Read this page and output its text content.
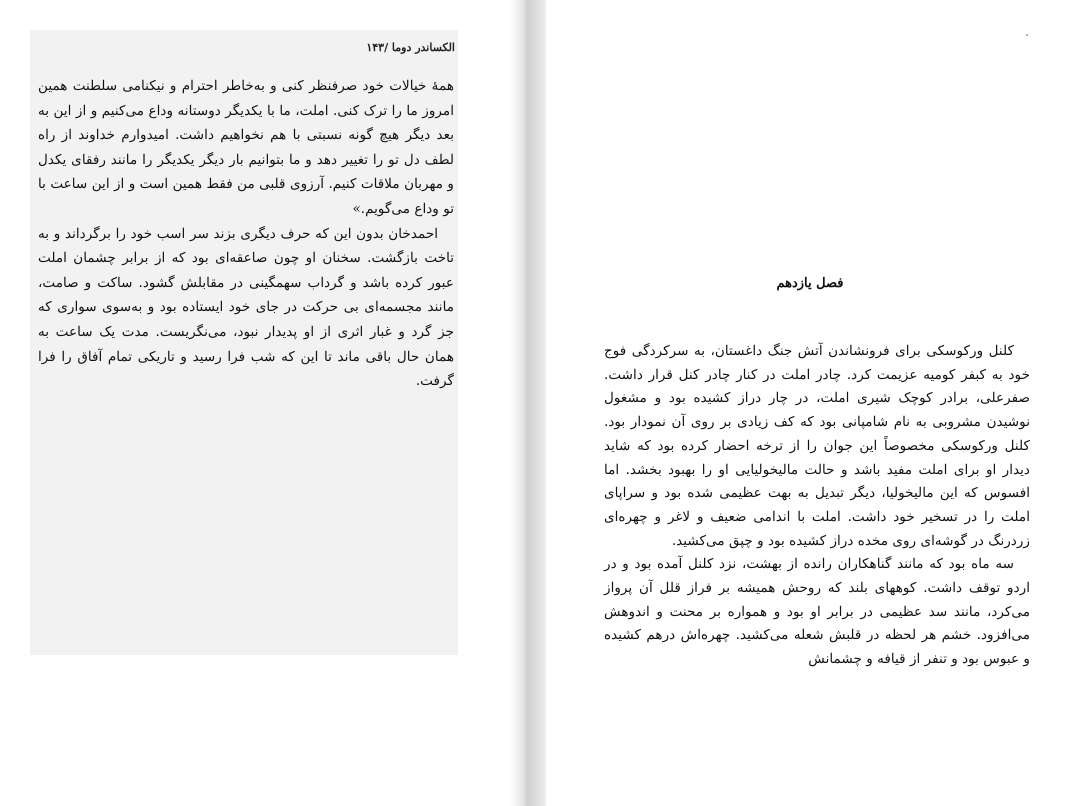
الکساندر دوما /۱۴۳

همهٔ خیالات خود صرفنظر کنی و به‌خاطر احترام و نیکنامی سلطنت همین امروز ما را ترک کنی. املت، ما با یکدیگر دوستانه وداع می‌کنیم و از این به بعد دیگر هیچ گونه نسبتی با هم نخواهیم داشت. امیدوارم خداوند از راه لطف دل تو را تغییر دهد و ما بتوانیم بار دیگر یکدیگر را مانند رفقای یکدل و مهربان ملاقات کنیم. آرزوی قلبی من فقط همین است و از این ساعت با تو وداع می‌گویم.»

احمدخان بدون این که حرف دیگری بزند سر اسب خود را برگرداند و به تاخت بازگشت. سخنان او چون صاعقه‌ای بود که از برابر چشمان املت عبور کرده باشد و گرداب سهمگینی در مقابلش گشود. ساکت و صامت، مانند مجسمه‌ای بی حرکت در جای خود ایستاده بود و به‌سوی سواری که جز گرد و غبار اثری از او پدیدار نبود، می‌نگریست. مدت یک ساعت به همان حال باقی ماند تا این که شب فرا رسید و تاریکی تمام آفاق را فرا گرفت.

فصل یازدهم

کلنل ورکوسکی برای فرونشاندن آتش جنگ داغستان، به سرکردگی فوج خود به کبفر کومیه عزیمت کرد. چادر املت در کنار چادر کنل قرار داشت. صفرعلی، برادر کوچک شیری املت، در چار دراز کشیده بود و مشغول نوشیدن مشروبی به نام شامپانی بود که کف زیادی بر روی آن نمودار بود. کلنل ورکوسکی مخصوصاً این جوان را از ترخه احضار کرده بود که شاید دیدار او برای املت مفید باشد و حالت مالیخولیایی او را بهبود بخشد. اما افسوس که این مالیخولیا، دیگر تبدیل به بهت عظیمی شده بود و سراپای املت را در تسخیر خود داشت. املت با اندامی ضعیف و لاغر و چهره‌ای زردرنگ در گوشه‌ای روی مخده دراز کشیده بود و چپق می‌کشید.

سه ماه بود که مانند گناهکاران رانده از بهشت، نزد کلنل آمده بود و در اردو توقف داشت. کوههای بلند که روحش همیشه بر فراز قلل آن پرواز می‌کرد، مانند سد عظیمی در برابر او بود و همواره بر محنت و اندوهش می‌افزود. خشم هر لحظه در قلبش شعله می‌کشید. چهره‌اش درهم کشیده و عبوس بود و تنفر از قیافه و چشمانش
